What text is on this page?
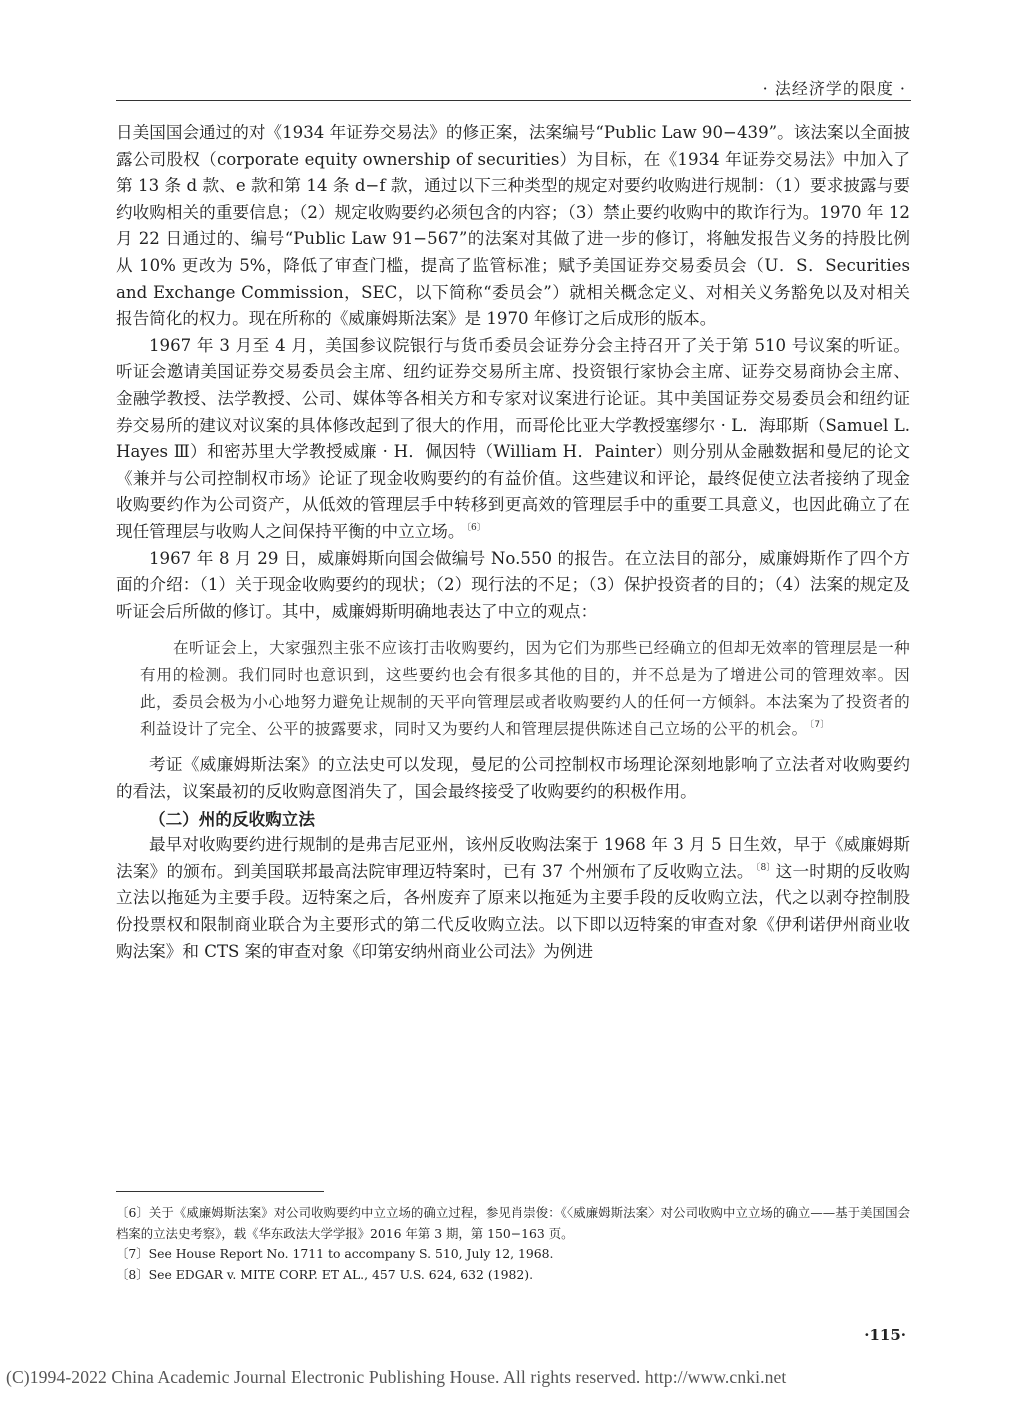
· 法经济学的限度 ·

日美国国会通过的对《1934 年证券交易法》的修正案，法案编号“Public Law 90−439”。该法案以全面披露公司股权（corporate equity ownership of securities）为目标，在《1934 年证券交易法》中加入了第 13 条 d 款、e 款和第 14 条 d−f 款，通过以下三种类型的规定对要约收购进行规制：（1）要求披露与要约收购相关的重要信息；（2）规定收购要约必须包含的内容；（3）禁止要约收购中的欺诈行为。1970 年 12 月 22 日通过的、编号“Public Law 91−567”的法案对其做了进一步的修订，将触发报告义务的持股比例从 10% 更改为 5%，降低了审查门槛，提高了监管标准；赋予美国证券交易委员会（U．S．Securities and Exchange Commission，SEC，以下简称“委员会”）就相关概念定义、对相关义务豁免以及对相关报告简化的权力。现在所称的《威廉姆斯法案》是 1970 年修订之后成形的版本。

1967 年 3 月至 4 月，美国参议院银行与货币委员会证券分会主持召开了关于第 510 号议案的听证。听证会邀请美国证券交易委员会主席、纽约证券交易所主席、投资银行家协会主席、证券交易商协会主席、金融学教授、法学教授、公司、媒体等各相关方和专家对议案进行论证。其中美国证券交易委员会和纽约证券交易所的建议对议案的具体修改起到了很大的作用，而哥伦比亚大学教授塞缪尔 · L．海耶斯（Samuel L. Hayes Ⅲ）和密苏里大学教授威廉 · H．佩因特（William H．Painter）则分别从金融数据和曼尼的论文《兼并与公司控制权市场》论证了现金收购要约的有益价值。这些建议和评论，最终促使立法者接纳了现金收购要约作为公司资产，从低效的管理层手中转移到更高效的管理层手中的重要工具意义，也因此确立了在现任管理层与收购人之间保持平衡的中立立场。 $^{〔6〕}$

1967 年 8 月 29 日，威廉姆斯向国会做编号 No.550 的报告。在立法目的部分，威廉姆斯作了四个方面的介绍：（1）关于现金收购要约的现状；（2）现行法的不足；（3）保护投资者的目的；（4）法案的规定及听证会后所做的修订。其中，威廉姆斯明确地表达了中立的观点：

在听证会上，大家强烈主张不应该打击收购要约，因为它们为那些已经确立的但却无效率的管理层是一种有用的检测。我们同时也意识到，这些要约也会有很多其他的目的，并不总是为了增进公司的管理效率。因此，委员会极为小心地努力避免让规制的天平向管理层或者收购要约人的任何一方倾斜。本法案为了投资者的利益设计了完全、公平的披露要求，同时又为要约人和管理层提供陈述自己立场的公平的机会。 $^{〔7〕}$

考证《威廉姆斯法案》的立法史可以发现，曼尼的公司控制权市场理论深刻地影响了立法者对收购要约的看法，议案最初的反收购意图消失了，国会最终接受了收购要约的积极作用。

（二）州的反收购立法

最早对收购要约进行规制的是弗吉尼亚州，该州反收购法案于 1968 年 3 月 5 日生效，早于《威廉姆斯法案》的颁布。到美国联邦最高法院审理迈特案时，已有 37 个州颁布了反收购立法。 $^{〔8〕}$这一时期的反收购立法以拖延为主要手段。迈特案之后，各州废弃了原来以拖延为主要手段的反收购立法，代之以剥夺控制股份投票权和限制商业联合为主要形式的第二代反收购立法。以下即以迈特案的审查对象《伊利诺伊州商业收购法案》和 CTS 案的审查对象《印第安纳州商业公司法》为例进

〔6〕关于《威廉姆斯法案》对公司收购要约中立立场的确立过程，参见肖崇俊：《〈威廉姆斯法案〉对公司收购中立立场的确立——基于美国国会档案的立法史考察》，载《华东政法大学学报》2016 年第 3 期，第 150−163 页。

〔7〕See House Report No. 1711 to accompany S. 510, July 12, 1968.

〔8〕See EDGAR v. MITE CORP. ET AL., 457 U.S. 624, 632 (1982).

·115·
(C)1994-2022 China Academic Journal Electronic Publishing House. All rights reserved. http://www.cnki.net
